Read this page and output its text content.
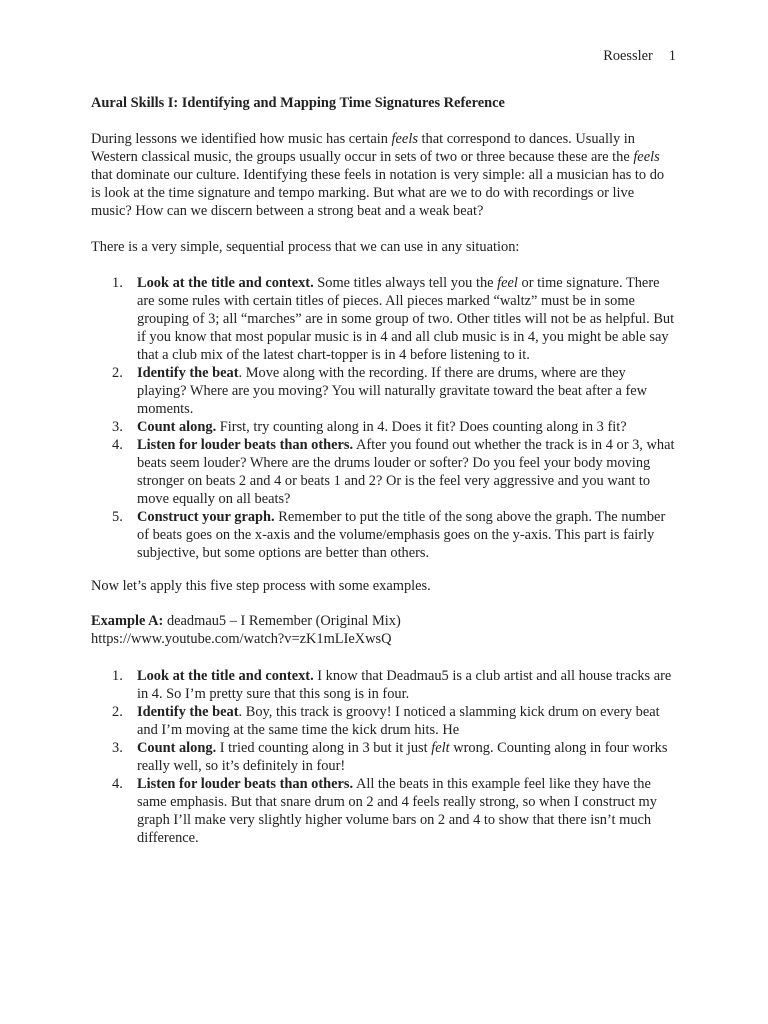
Roessler 1
Aural Skills I: Identifying and Mapping Time Signatures Reference

During lessons we identified how music has certain feels that correspond to dances. Usually in Western classical music, the groups usually occur in sets of two or three because these are the feels that dominate our culture. Identifying these feels in notation is very simple: all a musician has to do is look at the time signature and tempo marking. But what are we to do with recordings or live music? How can we discern between a strong beat and a weak beat?

There is a very simple, sequential process that we can use in any situation:

1. Look at the title and context. Some titles always tell you the feel or time signature. There are some rules with certain titles of pieces. All pieces marked “waltz” must be in some grouping of 3; all “marches” are in some group of two. Other titles will not be as helpful. But if you know that most popular music is in 4 and all club music is in 4, you might be able say that a club mix of the latest chart-topper is in 4 before listening to it.
2. Identify the beat. Move along with the recording. If there are drums, where are they playing? Where are you moving? You will naturally gravitate toward the beat after a few moments.
3. Count along. First, try counting along in 4. Does it fit? Does counting along in 3 fit?
4. Listen for louder beats than others. After you found out whether the track is in 4 or 3, what beats seem louder? Where are the drums louder or softer? Do you feel your body moving stronger on beats 2 and 4 or beats 1 and 2? Or is the feel very aggressive and you want to move equally on all beats?
5. Construct your graph. Remember to put the title of the song above the graph. The number of beats goes on the x-axis and the volume/emphasis goes on the y-axis. This part is fairly subjective, but some options are better than others.

Now let’s apply this five step process with some examples.

Example A: deadmau5 – I Remember (Original Mix)
https://www.youtube.com/watch?v=zK1mLIeXwsQ

1. Look at the title and context. I know that Deadmau5 is a club artist and all house tracks are in 4. So I’m pretty sure that this song is in four.
2. Identify the beat. Boy, this track is groovy! I noticed a slamming kick drum on every beat and I’m moving at the same time the kick drum hits. He
3. Count along. I tried counting along in 3 but it just felt wrong. Counting along in four works really well, so it’s definitely in four!
4. Listen for louder beats than others. All the beats in this example feel like they have the same emphasis. But that snare drum on 2 and 4 feels really strong, so when I construct my graph I’ll make very slightly higher volume bars on 2 and 4 to show that there isn’t much difference.
